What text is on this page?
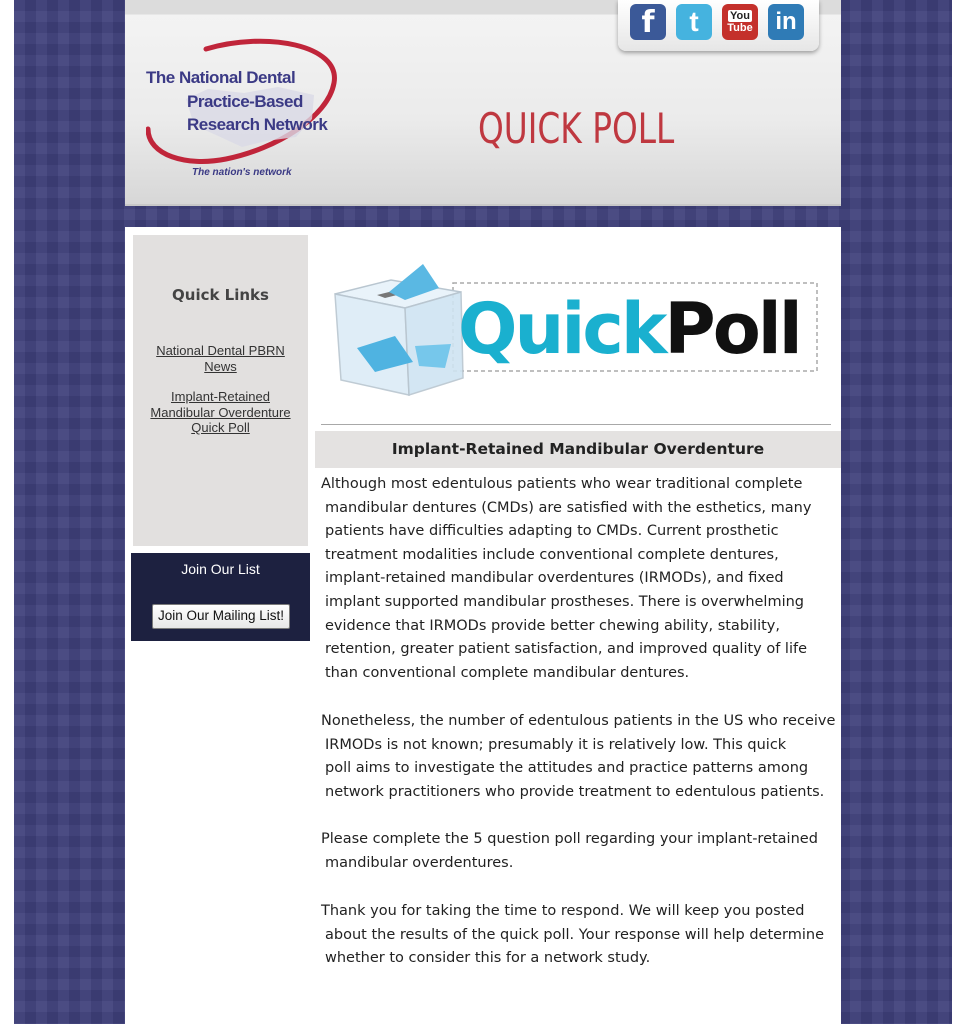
The National Dental
Practice-Based
Research Network
The nation's network
QUICK POLL
f	t	You
Tube in
Quick Links
National Dental PBRN
News
Implant-Retained
Mandibular Overdenture
Quick Poll
Join Our List
Join Our Mailing List!
QuickPoll
Implant-Retained Mandibular Overdenture
Although most edentulous patients who wear traditional complete
mandibular dentures (CMDs) are satisfied with the esthetics, many
patients have difficulties adapting to CMDs. Current prosthetic
treatment modalities include conventional complete dentures,
implant-retained mandibular overdentures (IRMODs), and fixed
implant supported mandibular prostheses. There is overwhelming
evidence that IRMODs provide better chewing ability, stability,
retention, greater patient satisfaction, and improved quality of life
than conventional complete mandibular dentures.
Nonetheless, the number of edentulous patients in the US who receive
IRMODs is not known; presumably it is relatively low. This quick
poll aims to investigate the attitudes and practice patterns among
network practitioners who provide treatment to edentulous patients.
Please complete the 5 question poll regarding your implant-retained
mandibular overdentures.
Thank you for taking the time to respond. We will keep you posted
about the results of the quick poll. Your response will help determine
whether to consider this for a network study.
